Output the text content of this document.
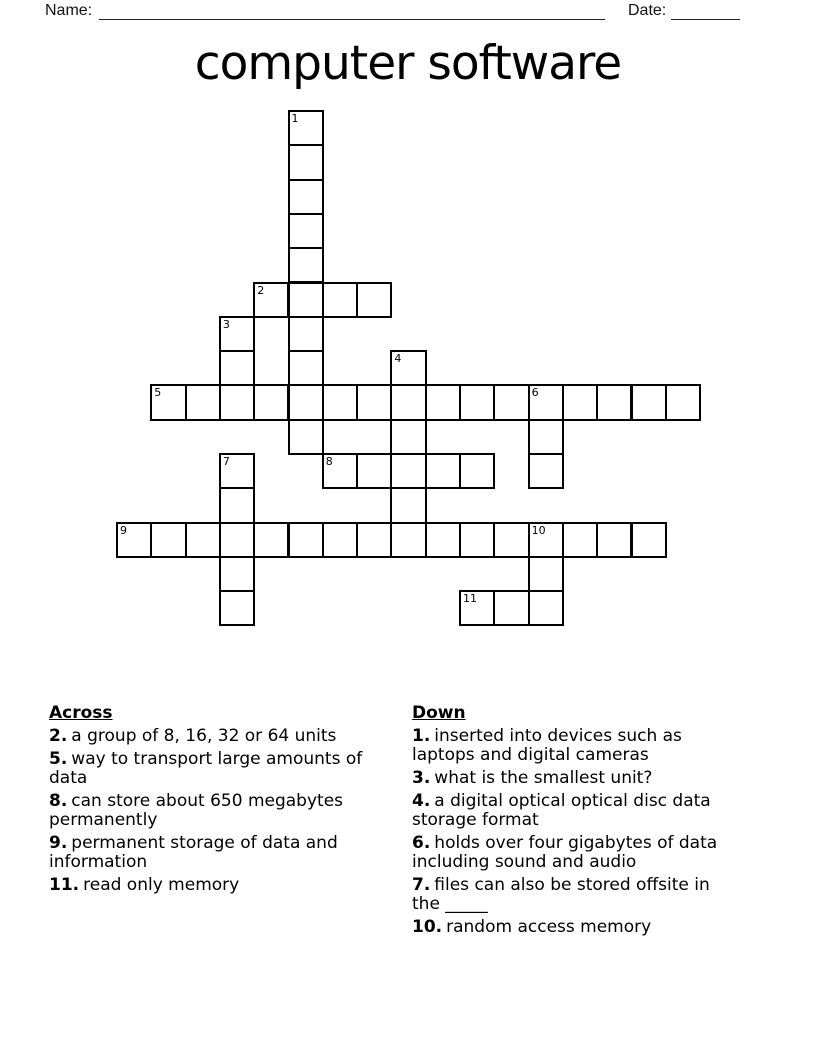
Name:	Date:
computer software
1
2
3
4
5	6
7	8
9	10
11
Across
2. a group of 8, 16, 32 or 64 units
5. way to transport large amounts of data
8. can store about 650 megabytes permanently
9. permanent storage of data and information
11. read only memory
Down
1. inserted into devices such as laptops and digital cameras
3. what is the smallest unit?
4. a digital optical optical disc data storage format
6. holds over four gigabytes of data including sound and audio
7. files can also be stored offsite in the _____
10. random access memory
